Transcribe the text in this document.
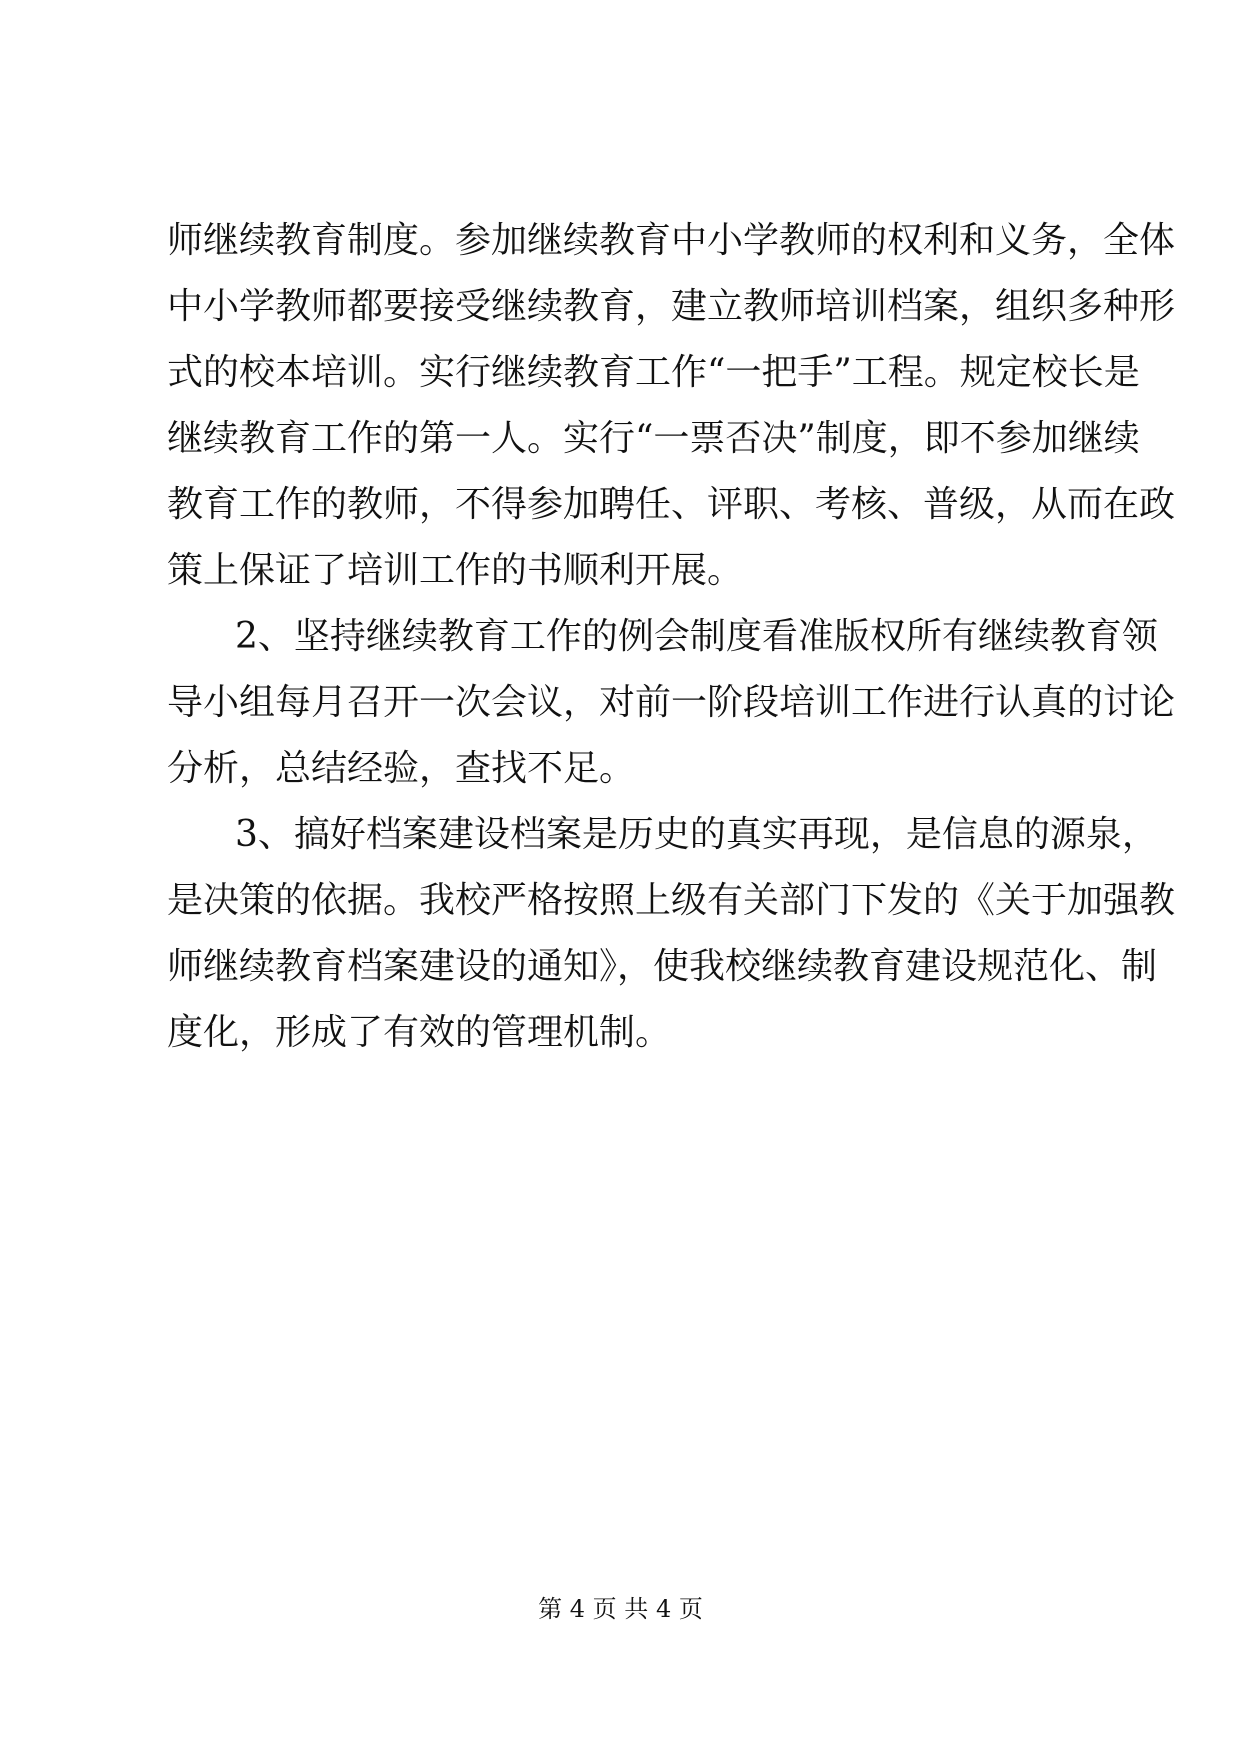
师继续教育制度。参加继续教育中小学教师的权利和义务，全体
中小学教师都要接受继续教育，建立教师培训档案，组织多种形
式的校本培训。实行继续教育工作“一把手”工程。规定校长是
继续教育工作的第一人。实行“一票否决”制度，即不参加继续
教育工作的教师，不得参加聘任、评职、考核、普级，从而在政
策上保证了培训工作的书顺利开展。
2、坚持继续教育工作的例会制度看准版权所有继续教育领
导小组每月召开一次会议，对前一阶段培训工作进行认真的讨论
分析，总结经验，查找不足。
3、搞好档案建设档案是历史的真实再现，是信息的源泉，
是决策的依据。我校严格按照上级有关部门下发的《关于加强教
师继续教育档案建设的通知》，使我校继续教育建设规范化、制
度化，形成了有效的管理机制。
第 4 页 共 4 页
